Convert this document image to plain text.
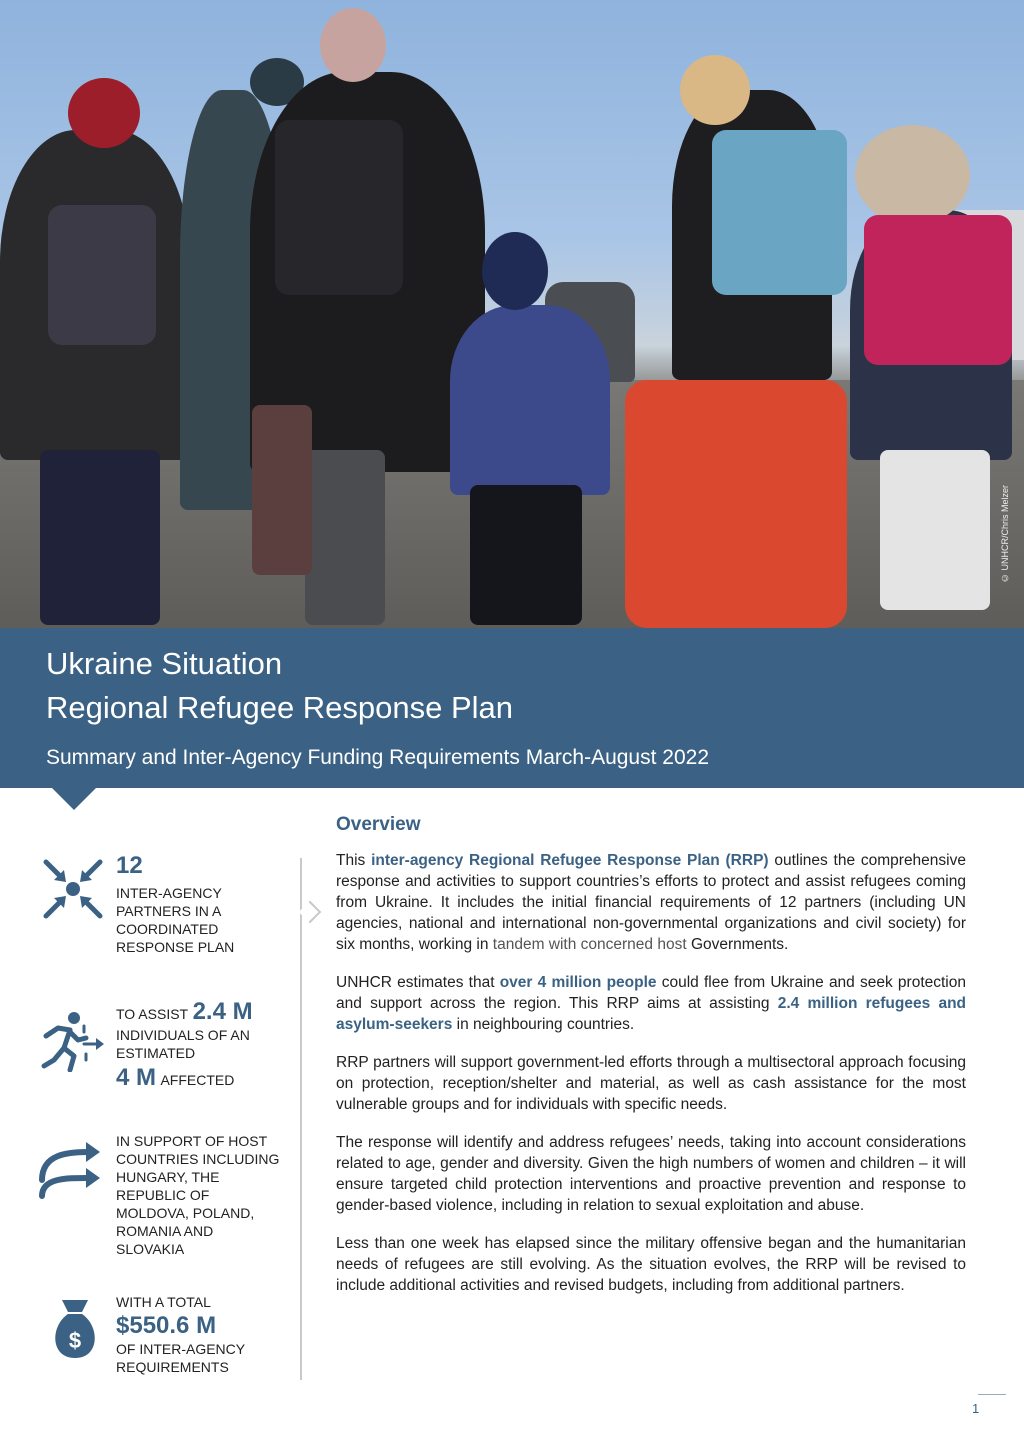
© UNHCR/Chris Melzer
Ukraine Situation
Regional Refugee Response Plan
Summary and Inter-Agency Funding Requirements March-August 2022
12
INTER-AGENCY
PARTNERS IN A
COORDINATED
RESPONSE PLAN
TO ASSIST 2.4 M
INDIVIDUALS OF AN
ESTIMATED
4 M AFFECTED
IN SUPPORT OF HOST
COUNTRIES INCLUDING
HUNGARY, THE
REPUBLIC OF
MOLDOVA, POLAND,
ROMANIA AND
SLOVAKIA
$
WITH A TOTAL
$550.6 M
OF INTER-AGENCY
REQUIREMENTS
Overview

This inter-agency Regional Refugee Response Plan (RRP) outlines the comprehensive response and activities to support countries’s efforts to protect and assist refugees coming from Ukraine. It includes the initial financial requirements of 12 partners (including UN agencies, national and international non-governmental organizations and civil society) for six months, working in tandem with concerned host Governments.

UNHCR estimates that over 4 million people could flee from Ukraine and seek protection and support across the region. This RRP aims at assisting 2.4 million refugees and asylum-seekers in neighbouring countries.

RRP partners will support government-led efforts through a multisectoral approach focusing on protection, reception/shelter and material, as well as cash assistance for the most vulnerable groups and for individuals with specific needs.

The response will identify and address refugees’ needs, taking into account considerations related to age, gender and diversity. Given the high numbers of women and children – it will ensure targeted child protection interventions and proactive prevention and response to gender-based violence, including in relation to sexual exploitation and abuse.

Less than one week has elapsed since the military offensive began and the humanitarian needs of refugees are still evolving. As the situation evolves, the RRP will be revised to include additional activities and revised budgets, including from additional partners.

1
